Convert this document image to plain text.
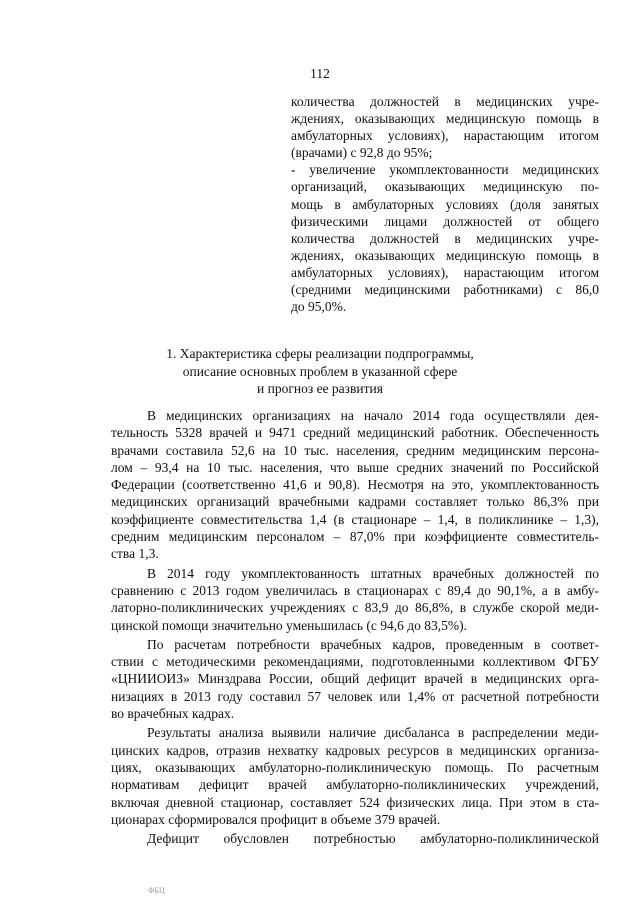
112
количества должностей в медицинских учре-
ждениях, оказывающих медицинскую помощь в
амбулаторных условиях), нарастающим итогом
(врачами) с 92,8 до 95%;
- увеличение укомплектованности медицинских
организаций, оказывающих медицинскую по-
мощь в амбулаторных условиях (доля занятых
физическими лицами должностей от общего
количества должностей в медицинских учре-
ждениях, оказывающих медицинскую помощь в
амбулаторных условиях), нарастающим итогом
(средними медицинскими работниками) с 86,0
до 95,0%.
1. Характеристика сферы реализации подпрограммы,
описание основных проблем в указанной сфере
и прогноз ее развития
В медицинских организациях на начало 2014 года осуществляли дея-
тельность 5328 врачей и 9471 средний медицинский работник. Обеспеченность
врачами составила 52,6 на 10 тыс. населения, средним медицинским персона-
лом – 93,4 на 10 тыс. населения, что выше средних значений по Российской
Федерации (соответственно 41,6 и 90,8). Несмотря на это, укомплектованность
медицинских организаций врачебными кадрами составляет только 86,3% при
коэффициенте совместительства 1,4 (в стационаре – 1,4, в поликлинике – 1,3),
средним медицинским персоналом – 87,0% при коэффициенте совместитель-
ства 1,3.
В 2014 году укомплектованность штатных врачебных должностей по
сравнению с 2013 годом увеличилась в стационарах с 89,4 до 90,1%, а в амбу-
латорно-поликлинических учреждениях с 83,9 до 86,8%, в службе скорой меди-
цинской помощи значительно уменьшилась (с 94,6 до 83,5%).
По расчетам потребности врачебных кадров, проведенным в соответ-
ствии с методическими рекомендациями, подготовленными коллективом ФГБУ
«ЦНИИОИЗ» Минздрава России, общий дефицит врачей в медицинских орга-
низациях в 2013 году составил 57 человек или 1,4% от расчетной потребности
во врачебных кадрах.
Результаты анализа выявили наличие дисбаланса в распределении меди-
цинских кадров, отразив нехватку кадровых ресурсов в медицинских организа-
циях, оказывающих амбулаторно-поликлиническую помощь. По расчетным
нормативам дефицит врачей амбулаторно-поликлинических учреждений,
включая дневной стационар, составляет 524 физических лица. При этом в ста-
ционарах сформировался профицит в объеме 379 врачей.
Дефицит обусловлен потребностью амбулаторно-поликлинической
ФБЦ
